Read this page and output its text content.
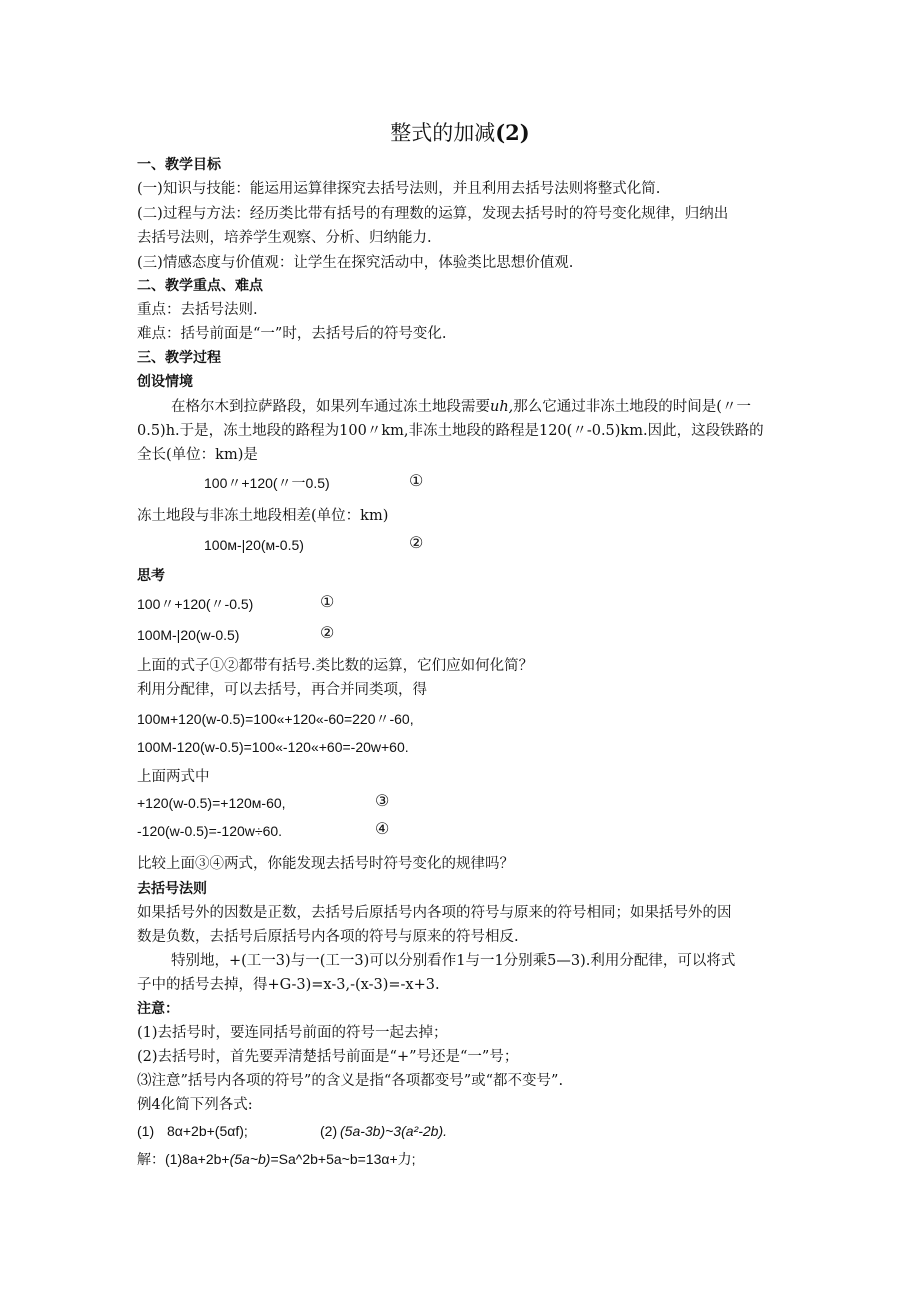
整式的加减(2)
一、教学目标
(一)知识与技能：能运用运算律探究去括号法则，并且利用去括号法则将整式化简.
(二)过程与方法：经历类比带有括号的有理数的运算，发现去括号时的符号变化规律，归纳出
去括号法则，培养学生观察、分析、归纳能力.
(三)情感态度与价值观：让学生在探究活动中，体验类比思想价值观.
二、教学重点、难点
重点：去括号法则.
难点：括号前面是“一”时，去括号后的符号变化.
三、教学过程
创设情境
在格尔木到拉萨路段，如果列车通过冻土地段需要uh,那么它通过非冻土地段的时间是(〃一
0.5)h.于是，冻土地段的路程为100〃km,非冻土地段的路程是120(〃-0.5)km.因此，这段铁路的
全长(单位：km)是
100〃+120(〃一0.5)	①
冻土地段与非冻土地段相差(单位：km)
100м-|20(м-0.5)	②
思考
100〃+120(〃-0.5)	①
100M-|20(w-0.5)	②
上面的式子①②都带有括号.类比数的运算，它们应如何化简？
利用分配律，可以去括号，再合并同类项，得
100м+120(w-0.5)=100«+120«-60=220〃-60,
100M-120(w-0.5)=100«-120«+60=-20w+60.
上面两式中
+120(w-0.5)=+120м-60,	③
-120(w-0.5)=-120w÷60.	④
比较上面③④两式，你能发现去括号时符号变化的规律吗？
去括号法则
如果括号外的因数是正数，去括号后原括号内各项的符号与原来的符号相同；如果括号外的因
数是负数，去括号后原括号内各项的符号与原来的符号相反.
特别地，+(工一3)与一(工一3)可以分别看作1与一1分别乘5—3).利用分配律，可以将式
子中的括号去掉，得+G-3)=x-3,-(x-3)=-x+3.
注意：
(1)去括号时，要连同括号前面的符号一起去掉；
(2)去括号时，首先要弄清楚括号前面是“+”号还是“一”号；
⑶注意”括号内各项的符号”的含义是指“各项都变号”或“都不变号”.
例4化简下列各式:
(1) 8α+2b+(5αf);	(2) (5a-3b)~3(a²-2b).
解：(1)8a+2b+(5a~b)=Sa^2b+5a~b=13α+力;
